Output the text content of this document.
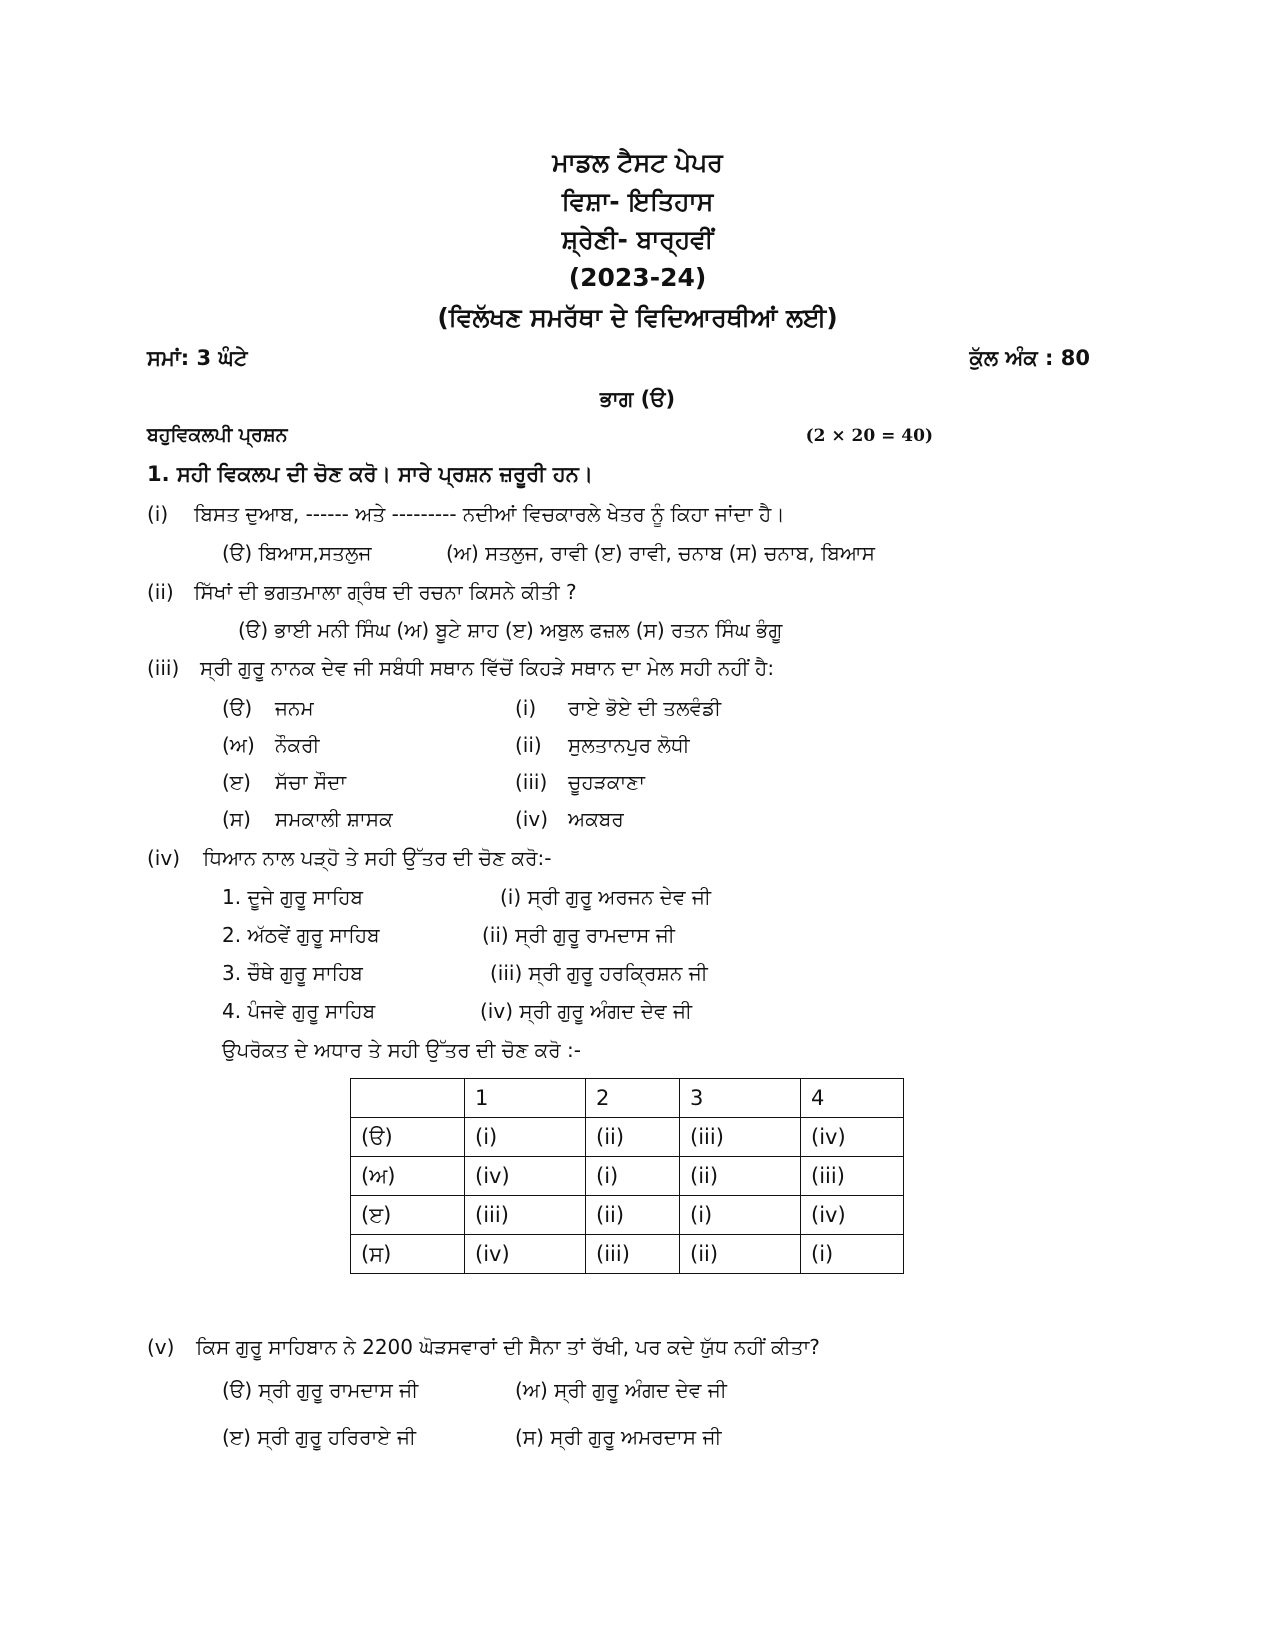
ਮਾਡਲ ਟੈਸਟ ਪੇਪਰ
ਵਿਸ਼ਾ- ਇਤਿਹਾਸ
ਸ਼੍ਰੇਣੀ- ਬਾਰ੍ਹਵੀਂ
(2023-24)
(ਵਿਲੱਖਣ ਸਮਰੱਥਾ ਦੇ ਵਿਦਿਆਰਥੀਆਂ ਲਈ)
ਸਮਾਂ: 3 ਘੰਟੇ	ਕੁੱਲ ਅੰਕ : 80
ਭਾਗ (ੳ)
ਬਹੁਵਿਕਲਪੀ ਪ੍ਰਸ਼ਨ	(2 × 20 = 40)
1. ਸਹੀ ਵਿਕਲਪ ਦੀ ਚੋਣ ਕਰੋ। ਸਾਰੇ ਪ੍ਰਸ਼ਨ ਜ਼ਰੂਰੀ ਹਨ।
(i) ਬਿਸਤ ਦੁਆਬ, ------ ਅਤੇ --------- ਨਦੀਆਂ ਵਿਚਕਾਰਲੇ ਖੇਤਰ ਨੂੰ ਕਿਹਾ ਜਾਂਦਾ ਹੈ।
(ੳ) ਬਿਆਸ,ਸਤਲੁਜ	(ਅ) ਸਤਲੁਜ, ਰਾਵੀ (ੲ) ਰਾਵੀ, ਚਨਾਬ (ਸ) ਚਨਾਬ, ਬਿਆਸ
(ii) ਸਿੱਖਾਂ ਦੀ ਭਗਤਮਾਲਾ ਗ੍ਰੰਥ ਦੀ ਰਚਨਾ ਕਿਸਨੇ ਕੀਤੀ ?
(ੳ) ਭਾਈ ਮਨੀ ਸਿੰਘ (ਅ) ਬੂਟੇ ਸ਼ਾਹ (ੲ) ਅਬੁਲ ਫਜ਼ਲ (ਸ) ਰਤਨ ਸਿੰਘ ਭੰਗੂ
(iii) ਸ੍ਰੀ ਗੁਰੂ ਨਾਨਕ ਦੇਵ ਜੀ ਸਬੰਧੀ ਸਥਾਨ ਵਿੱਚੋਂ ਕਿਹੜੇ ਸਥਾਨ ਦਾ ਮੇਲ ਸਹੀ ਨਹੀਂ ਹੈ:
(ੳ) ਜਨਮ	(i) ਰਾਏ ਭੋਏ ਦੀ ਤਲਵੰਡੀ
(ਅ) ਨੌਕਰੀ	(ii) ਸੁਲਤਾਨਪੁਰ ਲੋਧੀ
(ੲ) ਸੱਚਾ ਸੌਦਾ	(iii) ਚੂਹੜਕਾਣਾ
(ਸ) ਸਮਕਾਲੀ ਸ਼ਾਸਕ	(iv) ਅਕਬਰ
(iv) ਧਿਆਨ ਨਾਲ ਪੜ੍ਹੋ ਤੇ ਸਹੀ ਉੱਤਰ ਦੀ ਚੋਣ ਕਰੋ:-
1. ਦੂਜੇ ਗੁਰੂ ਸਾਹਿਬ	(i) ਸ੍ਰੀ ਗੁਰੂ ਅਰਜਨ ਦੇਵ ਜੀ
2. ਅੱਠਵੇਂ ਗੁਰੂ ਸਾਹਿਬ	(ii) ਸ੍ਰੀ ਗੁਰੂ ਰਾਮਦਾਸ ਜੀ
3. ਚੌਥੇ ਗੁਰੂ ਸਾਹਿਬ	(iii) ਸ੍ਰੀ ਗੁਰੂ ਹਰਕ੍ਰਿਸ਼ਨ ਜੀ
4. ਪੰਜਵੇ ਗੁਰੂ ਸਾਹਿਬ	(iv) ਸ੍ਰੀ ਗੁਰੂ ਅੰਗਦ ਦੇਵ ਜੀ
ਉਪਰੋਕਤ ਦੇ ਅਧਾਰ ਤੇ ਸਹੀ ਉੱਤਰ ਦੀ ਚੋਣ ਕਰੋ :-
	1	2	3	4
(ੳ)	(i)	(ii)	(iii)	(iv)
(ਅ)	(iv)	(i)	(ii)	(iii)
(ੲ)	(iii)	(ii)	(i)	(iv)
(ਸ)	(iv)	(iii)	(ii)	(i)
(v) ਕਿਸ ਗੁਰੂ ਸਾਹਿਬਾਨ ਨੇ 2200 ਘੋੜਸਵਾਰਾਂ ਦੀ ਸੈਨਾ ਤਾਂ ਰੱਖੀ, ਪਰ ਕਦੇ ਯੁੱਧ ਨਹੀਂ ਕੀਤਾ?
(ੳ) ਸ੍ਰੀ ਗੁਰੂ ਰਾਮਦਾਸ ਜੀ	(ਅ) ਸ੍ਰੀ ਗੁਰੂ ਅੰਗਦ ਦੇਵ ਜੀ
(ੲ) ਸ੍ਰੀ ਗੁਰੂ ਹਰਿਰਾਏ ਜੀ	(ਸ) ਸ੍ਰੀ ਗੁਰੂ ਅਮਰਦਾਸ ਜੀ
